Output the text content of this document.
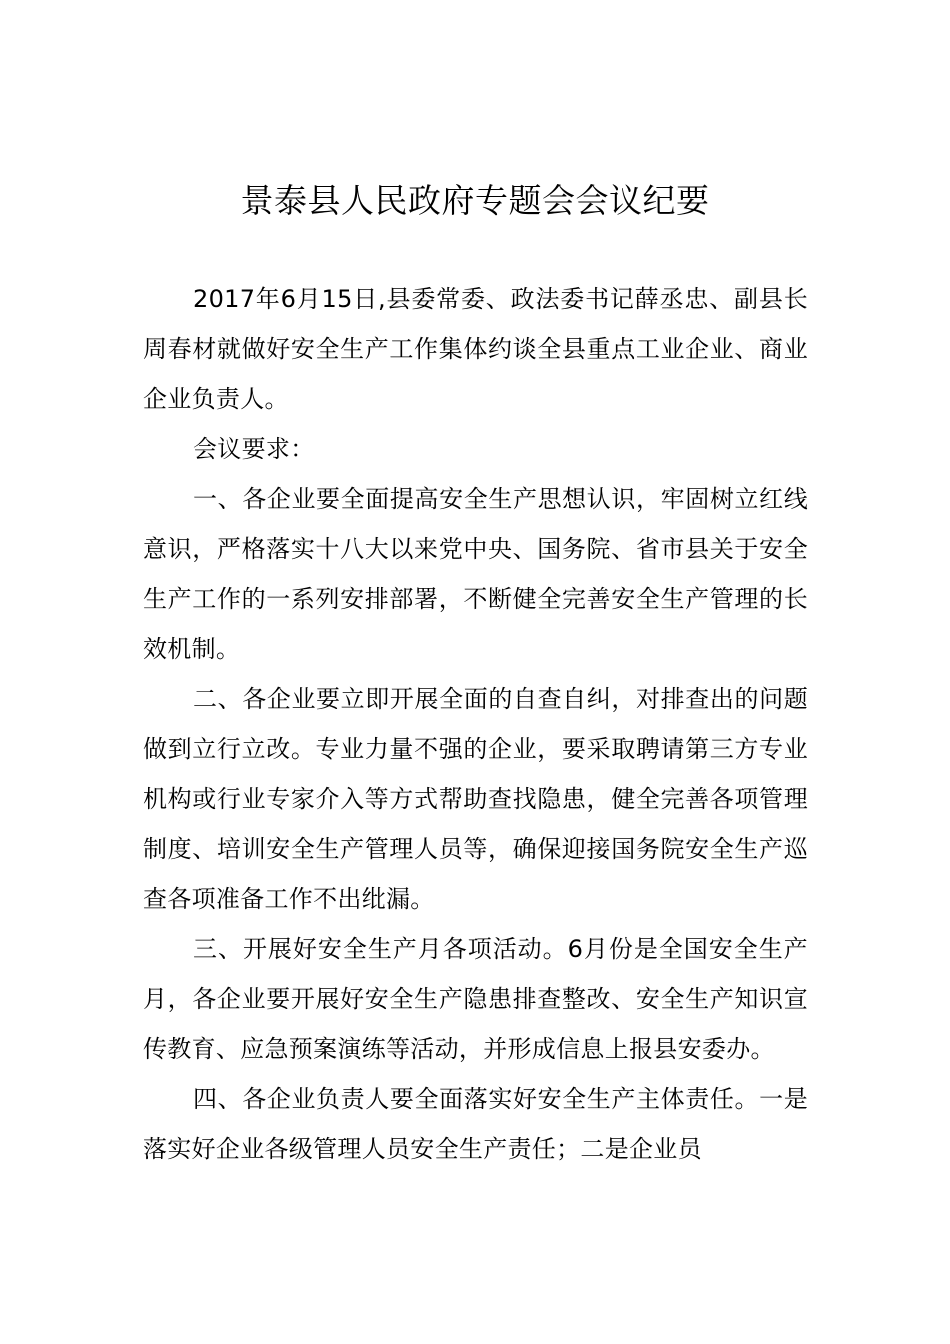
景泰县人民政府专题会会议纪要

2017年6月15日,县委常委、政法委书记薛丞忠、副县长周春材就做好安全生产工作集体约谈全县重点工业企业、商业企业负责人。

会议要求：

一、各企业要全面提高安全生产思想认识，牢固树立红线意识，严格落实十八大以来党中央、国务院、省市县关于安全生产工作的一系列安排部署，不断健全完善安全生产管理的长效机制。

二、各企业要立即开展全面的自查自纠，对排查出的问题做到立行立改。专业力量不强的企业，要采取聘请第三方专业机构或行业专家介入等方式帮助查找隐患，健全完善各项管理制度、培训安全生产管理人员等，确保迎接国务院安全生产巡查各项准备工作不出纰漏。

三、开展好安全生产月各项活动。6月份是全国安全生产月，各企业要开展好安全生产隐患排查整改、安全生产知识宣传教育、应急预案演练等活动，并形成信息上报县安委办。

四、各企业负责人要全面落实好安全生产主体责任。一是落实好企业各级管理人员安全生产责任；二是企业员
